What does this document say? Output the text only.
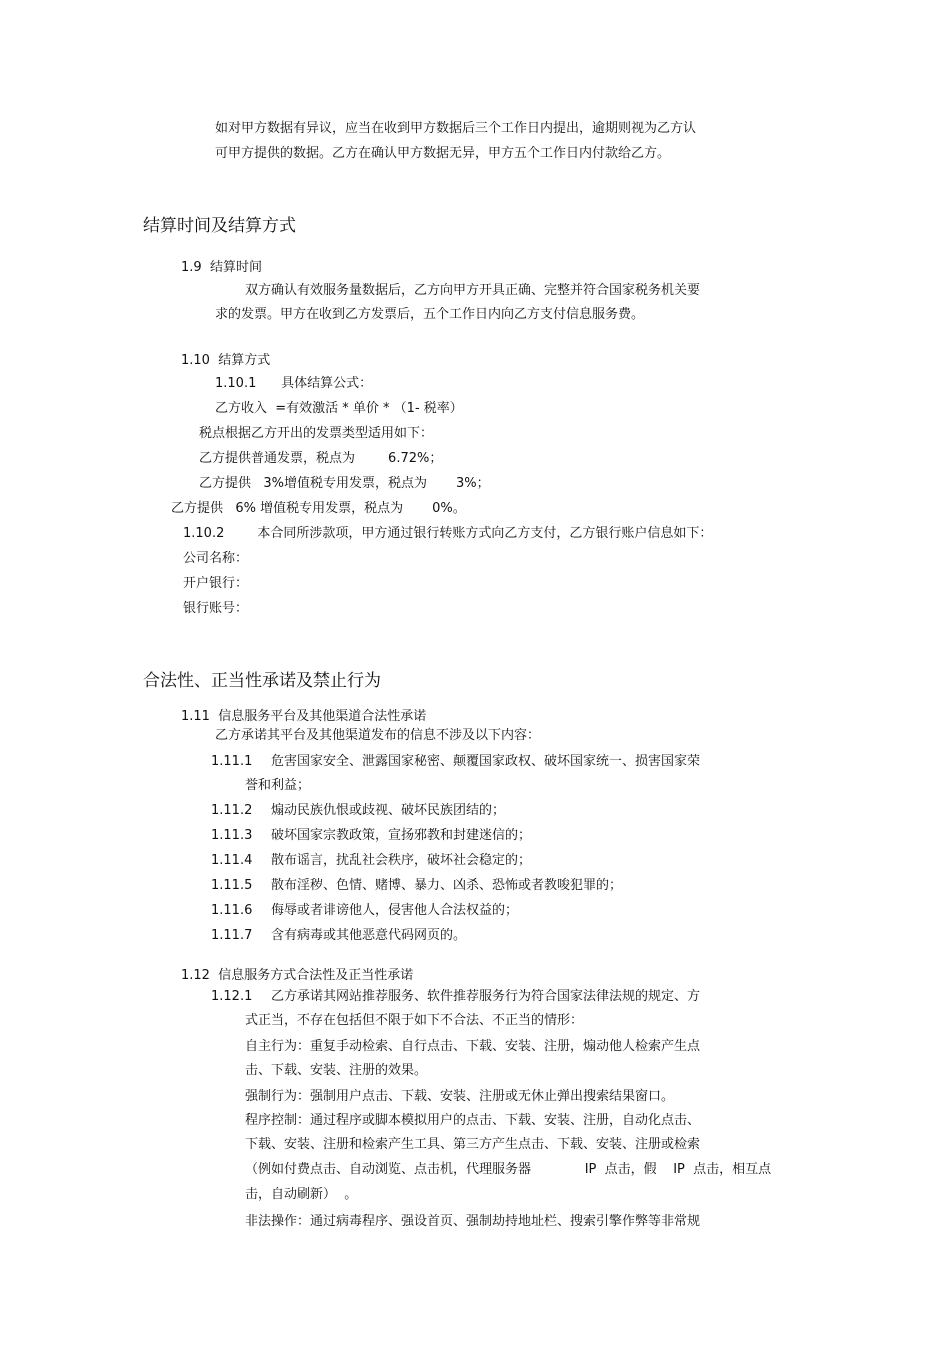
如对甲方数据有异议，应当在收到甲方数据后三个工作日内提出，逾期则视为乙方认
可甲方提供的数据。乙方在确认甲方数据无异，甲方五个工作日内付款给乙方。
结算时间及结算方式
1.9  结算时间
双方确认有效服务量数据后，乙方向甲方开具正确、完整并符合国家税务机关要
求的发票。甲方在收到乙方发票后，五个工作日内向乙方支付信息服务费。
1.10  结算方式
1.10.1      具体结算公式：
乙方收入  =有效激活 * 单价 * （1- 税率）
税点根据乙方开出的发票类型适用如下：
乙方提供普通发票，税点为        6.72%；
乙方提供   3%增值税专用发票，税点为       3%；
乙方提供   6% 增值税专用发票，税点为       0%。
1.10.2        本合同所涉款项，甲方通过银行转账方式向乙方支付，乙方银行账户信息如下：
公司名称：
开户银行：
银行账号：
合法性、正当性承诺及禁止行为
1.11  信息服务平台及其他渠道合法性承诺
乙方承诺其平台及其他渠道发布的信息不涉及以下内容：
1.11.1 危害国家安全、泄露国家秘密、颠覆国家政权、破坏国家统一、损害国家荣
誉和利益；
1.11.2 煽动民族仇恨或歧视、破坏民族团结的；
1.11.3 破坏国家宗教政策，宣扬邪教和封建迷信的；
1.11.4 散布谣言，扰乱社会秩序，破坏社会稳定的；
1.11.5 散布淫秽、色情、赌博、暴力、凶杀、恐怖或者教唆犯罪的；
1.11.6 侮辱或者诽谤他人，侵害他人合法权益的；
1.11.7 含有病毒或其他恶意代码网页的。
1.12  信息服务方式合法性及正当性承诺
1.12.1 乙方承诺其网站推荐服务、软件推荐服务行为符合国家法律法规的规定、方
式正当，不存在包括但不限于如下不合法、不正当的情形：
自主行为：重复手动检索、自行点击、下载、安装、注册，煽动他人检索产生点
击、下载、安装、注册的效果。
强制行为：强制用户点击、下载、安装、注册或无休止弹出搜索结果窗口。
程序控制：通过程序或脚本模拟用户的点击、下载、安装、注册，自动化点击、
下载、安装、注册和检索产生工具、第三方产生点击、下载、安装、注册或检索
（例如付费点击、自动浏览、点击机，代理服务器             IP  点击，假    IP  点击，相互点
击，自动刷新）  。
非法操作：通过病毒程序、强设首页、强制劫持地址栏、搜索引擎作弊等非常规
